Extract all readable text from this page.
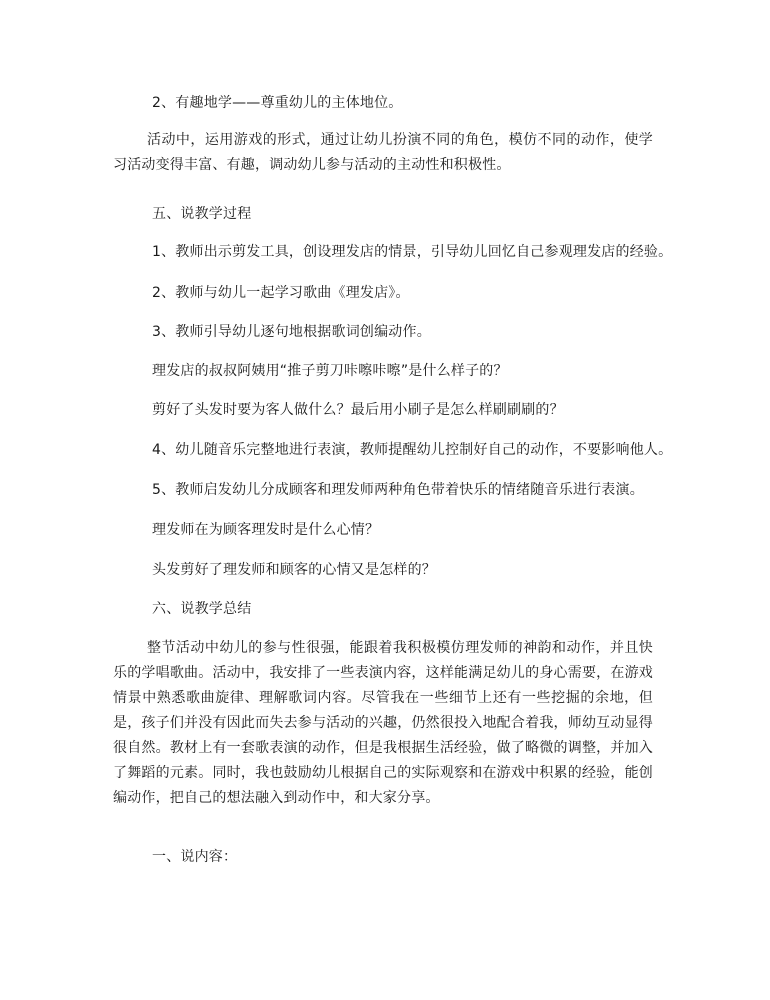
2、有趣地学——尊重幼儿的主体地位。
活动中，运用游戏的形式，通过让幼儿扮演不同的角色，模仿不同的动作，使学习活动变得丰富、有趣，调动幼儿参与活动的主动性和积极性。
五、说教学过程
1、教师出示剪发工具，创设理发店的情景，引导幼儿回忆自己参观理发店的经验。
2、教师与幼儿一起学习歌曲《理发店》。
3、教师引导幼儿逐句地根据歌词创编动作。
理发店的叔叔阿姨用“推子剪刀咔嚓咔嚓”是什么样子的？
剪好了头发时要为客人做什么？最后用小刷子是怎么样刷刷刷的？
4、幼儿随音乐完整地进行表演，教师提醒幼儿控制好自己的动作，不要影响他人。
5、教师启发幼儿分成顾客和理发师两种角色带着快乐的情绪随音乐进行表演。
理发师在为顾客理发时是什么心情？
头发剪好了理发师和顾客的心情又是怎样的？
六、说教学总结
整节活动中幼儿的参与性很强，能跟着我积极模仿理发师的神韵和动作，并且快乐的学唱歌曲。活动中，我安排了一些表演内容，这样能满足幼儿的身心需要，在游戏情景中熟悉歌曲旋律、理解歌词内容。尽管我在一些细节上还有一些挖掘的余地，但是，孩子们并没有因此而失去参与活动的兴趣，仍然很投入地配合着我，师幼互动显得很自然。教材上有一套歌表演的动作，但是我根据生活经验，做了略微的调整，并加入了舞蹈的元素。同时，我也鼓励幼儿根据自己的实际观察和在游戏中积累的经验，能创编动作，把自己的想法融入到动作中，和大家分享。
一、说内容：
